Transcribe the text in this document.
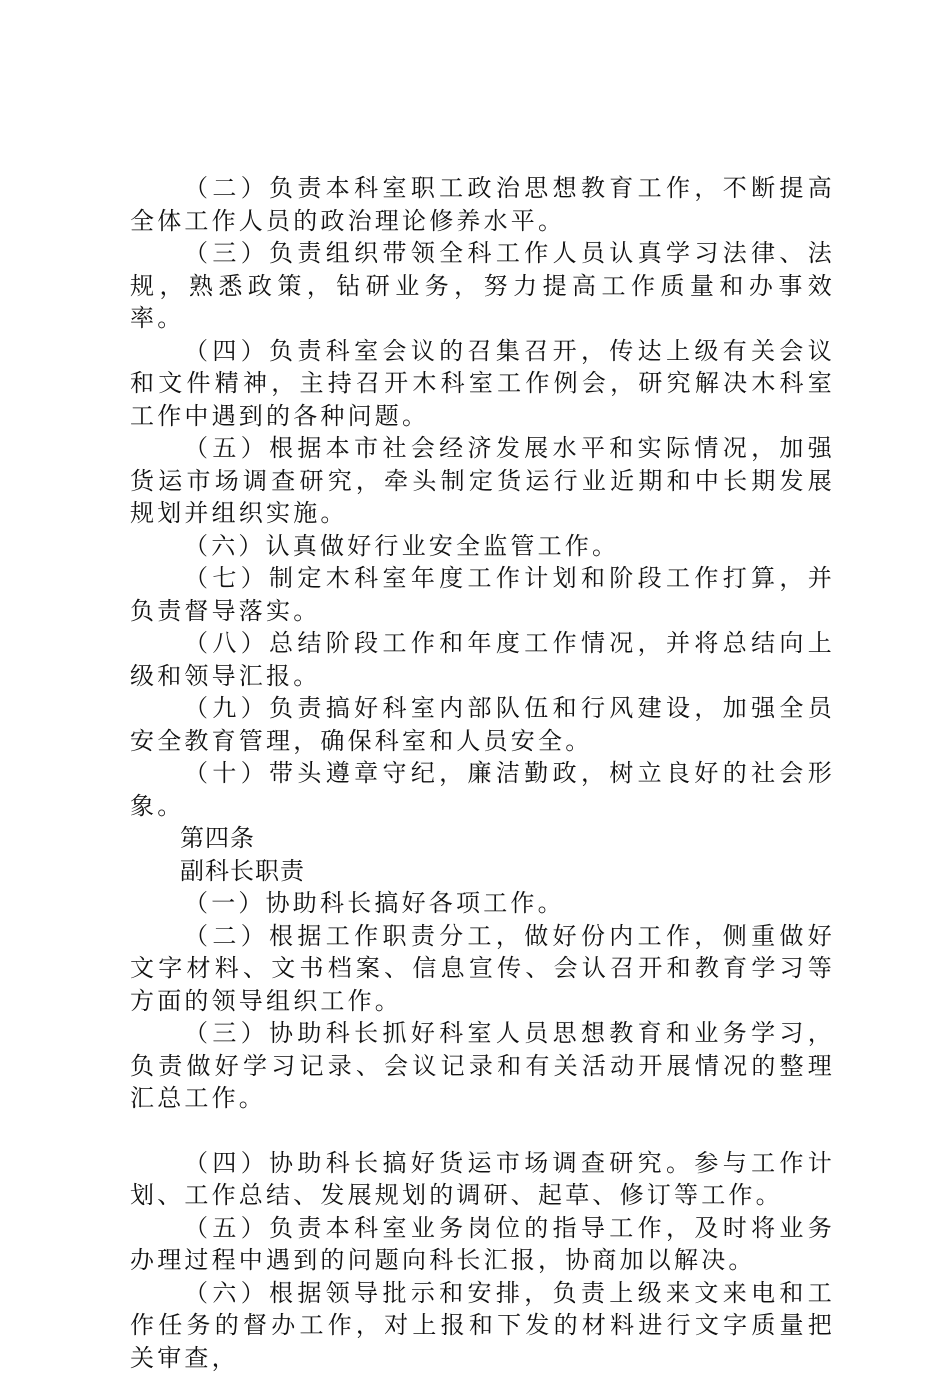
（二）负责本科室职工政治思想教育工作，不断提高全体工作人员的政治理论修养水平。

（三）负责组织带领全科工作人员认真学习法律、法规，熟悉政策，钻研业务，努力提高工作质量和办事效率。

（四）负责科室会议的召集召开，传达上级有关会议和文件精神，主持召开木科室工作例会，研究解决木科室工作中遇到的各种问题。

（五）根据本市社会经济发展水平和实际情况，加强货运市场调查研究，牵头制定货运行业近期和中长期发展规划并组织实施。

（六）认真做好行业安全监管工作。

（七）制定木科室年度工作计划和阶段工作打算，并负责督导落实。

（八）总结阶段工作和年度工作情况，并将总结向上级和领导汇报。

（九）负责搞好科室内部队伍和行风建设，加强全员安全教育管理，确保科室和人员安全。

（十）带头遵章守纪，廉洁勤政，树立良好的社会形象。

第四条

副科长职责

（一）协助科长搞好各项工作。

（二）根据工作职责分工，做好份内工作，侧重做好文字材料、文书档案、信息宣传、会认召开和教育学习等方面的领导组织工作。

（三）协助科长抓好科室人员思想教育和业务学习，负责做好学习记录、会议记录和有关活动开展情况的整理汇总工作。

（四）协助科长搞好货运市场调查研究。参与工作计划、工作总结、发展规划的调研、起草、修订等工作。

（五）负责本科室业务岗位的指导工作，及时将业务办理过程中遇到的问题向科长汇报，协商加以解决。

（六）根据领导批示和安排，负责上级来文来电和工作任务的督办工作，对上报和下发的材料进行文字质量把关审查，
